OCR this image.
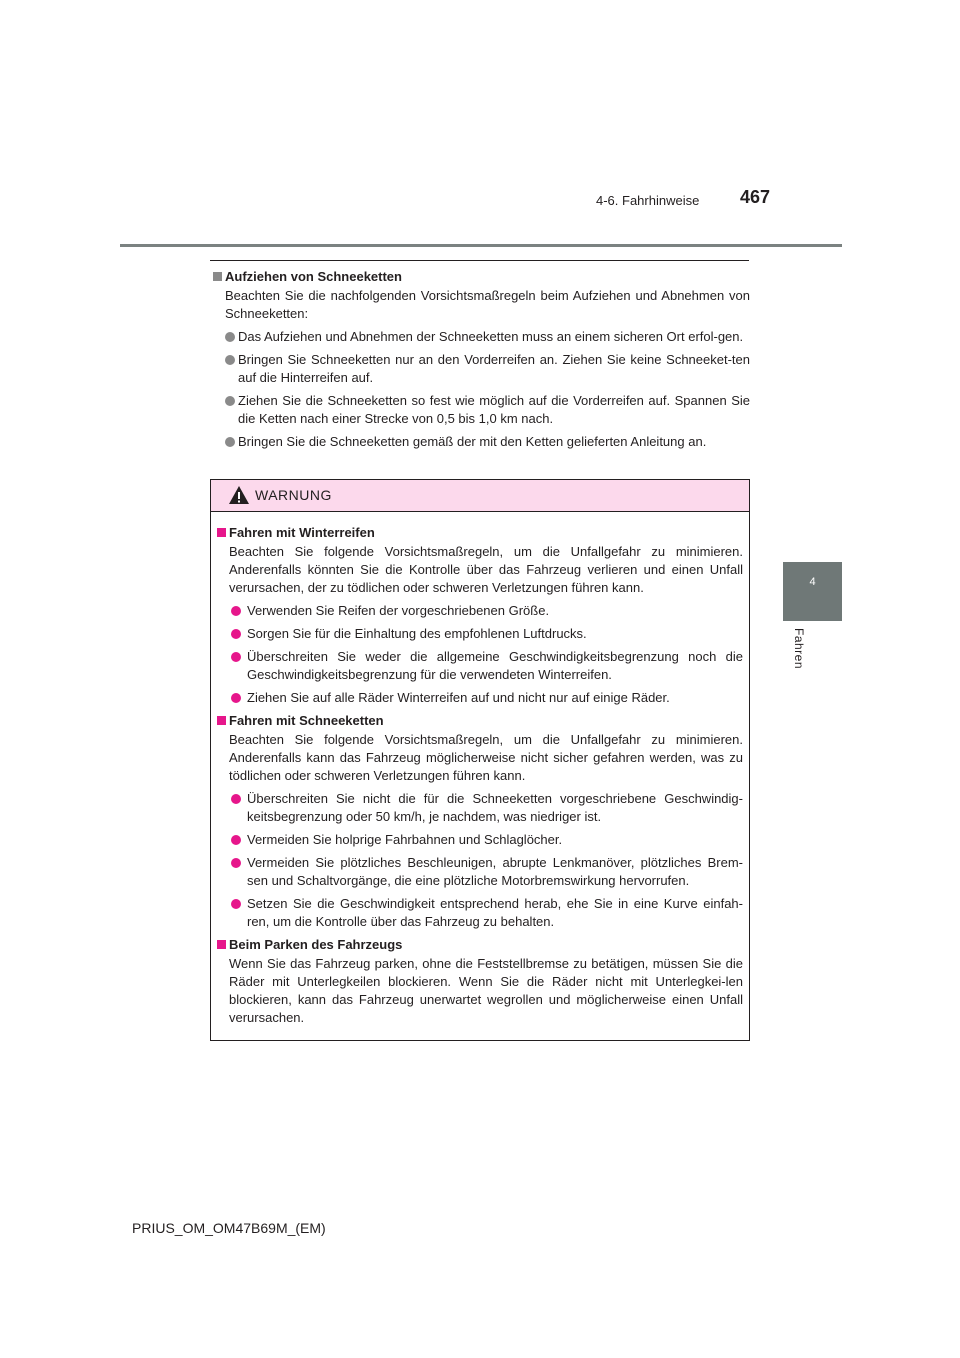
4-6. Fahrhinweise 467
4
Fahren
Aufziehen von Schneeketten
Beachten Sie die nachfolgenden Vorsichtsmaßregeln beim Aufziehen und Abnehmen von Schneeketten:
Das Aufziehen und Abnehmen der Schneeketten muss an einem sicheren Ort erfol-gen.
Bringen Sie Schneeketten nur an den Vorderreifen an. Ziehen Sie keine Schneeket-ten auf die Hinterreifen auf.
Ziehen Sie die Schneeketten so fest wie möglich auf die Vorderreifen auf. Spannen Sie die Ketten nach einer Strecke von 0,5 bis 1,0 km nach.
Bringen Sie die Schneeketten gemäß der mit den Ketten gelieferten Anleitung an.
WARNUNG
Fahren mit Winterreifen
Beachten Sie folgende Vorsichtsmaßregeln, um die Unfallgefahr zu minimieren. Anderenfalls könnten Sie die Kontrolle über das Fahrzeug verlieren und einen Unfall verursachen, der zu tödlichen oder schweren Verletzungen führen kann.
Verwenden Sie Reifen der vorgeschriebenen Größe.
Sorgen Sie für die Einhaltung des empfohlenen Luftdrucks.
Überschreiten Sie weder die allgemeine Geschwindigkeitsbegrenzung noch die Geschwindigkeitsbegrenzung für die verwendeten Winterreifen.
Ziehen Sie auf alle Räder Winterreifen auf und nicht nur auf einige Räder.
Fahren mit Schneeketten
Beachten Sie folgende Vorsichtsmaßregeln, um die Unfallgefahr zu minimieren. Anderenfalls kann das Fahrzeug möglicherweise nicht sicher gefahren werden, was zu tödlichen oder schweren Verletzungen führen kann.
Überschreiten Sie nicht die für die Schneeketten vorgeschriebene Geschwindig-keitsbegrenzung oder 50 km/h, je nachdem, was niedriger ist.
Vermeiden Sie holprige Fahrbahnen und Schlaglöcher.
Vermeiden Sie plötzliches Beschleunigen, abrupte Lenkmanöver, plötzliches Brem-sen und Schaltvorgänge, die eine plötzliche Motorbremswirkung hervorrufen.
Setzen Sie die Geschwindigkeit entsprechend herab, ehe Sie in eine Kurve einfah-ren, um die Kontrolle über das Fahrzeug zu behalten.
Beim Parken des Fahrzeugs
Wenn Sie das Fahrzeug parken, ohne die Feststellbremse zu betätigen, müssen Sie die Räder mit Unterlegkeilen blockieren. Wenn Sie die Räder nicht mit Unterlegkei-len blockieren, kann das Fahrzeug unerwartet wegrollen und möglicherweise einen Unfall verursachen.
PRIUS_OM_OM47B69M_(EM)
